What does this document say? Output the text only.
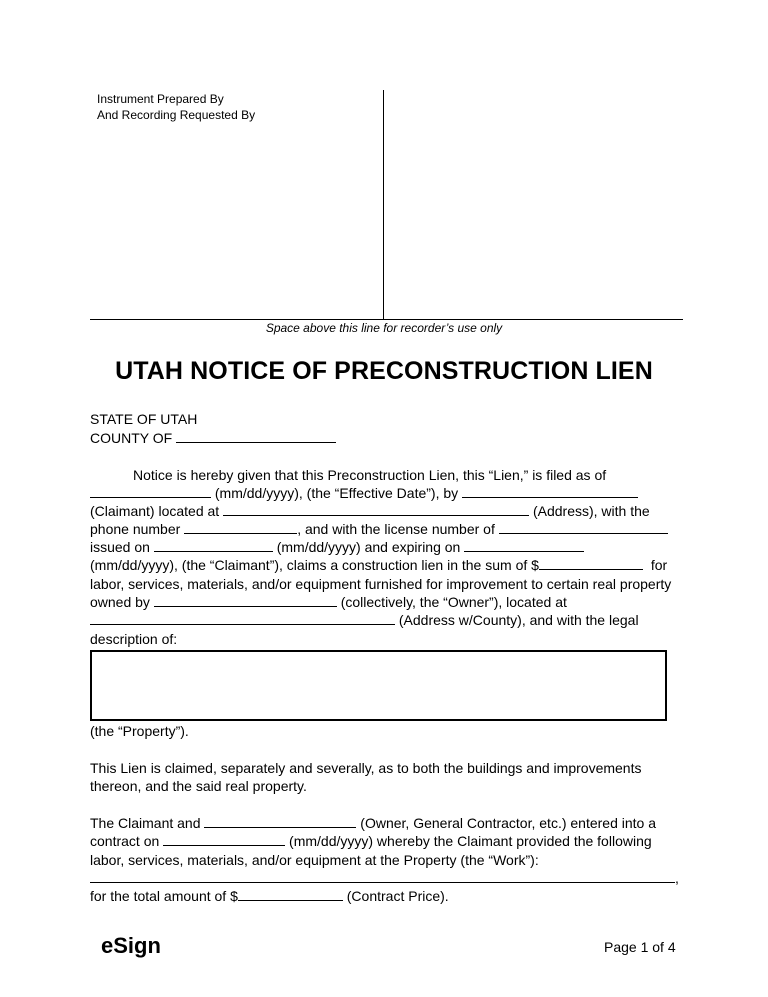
Instrument Prepared By
And Recording Requested By
Space above this line for recorder’s use only
UTAH NOTICE OF PRECONSTRUCTION LIEN
STATE OF UTAH
COUNTY OF
Notice is hereby given that this Preconstruction Lien, this “Lien,” is filed as of
(mm/dd/yyyy), (the “Effective Date”), by
(Claimant) located at	(Address), with the
phone number	, and with the license number of
issued on	(mm/dd/yyyy) and expiring on
(mm/dd/yyyy), (the “Claimant”), claims a construction lien in the sum of $	for
labor, services, materials, and/or equipment furnished for improvement to certain real property
owned by	(collectively, the “Owner”), located at
(Address w/County), and with the legal
description of:
(the “Property”).
This Lien is claimed, separately and severally, as to both the buildings and improvements
thereon, and the said real property.
The Claimant and	(Owner, General Contractor, etc.) entered into a
contract on	(mm/dd/yyyy) whereby the Claimant provided the following
labor, services, materials, and/or equipment at the Property (the “Work”):
,
for the total amount of $	(Contract Price).
eSign	Page 1 of 4
